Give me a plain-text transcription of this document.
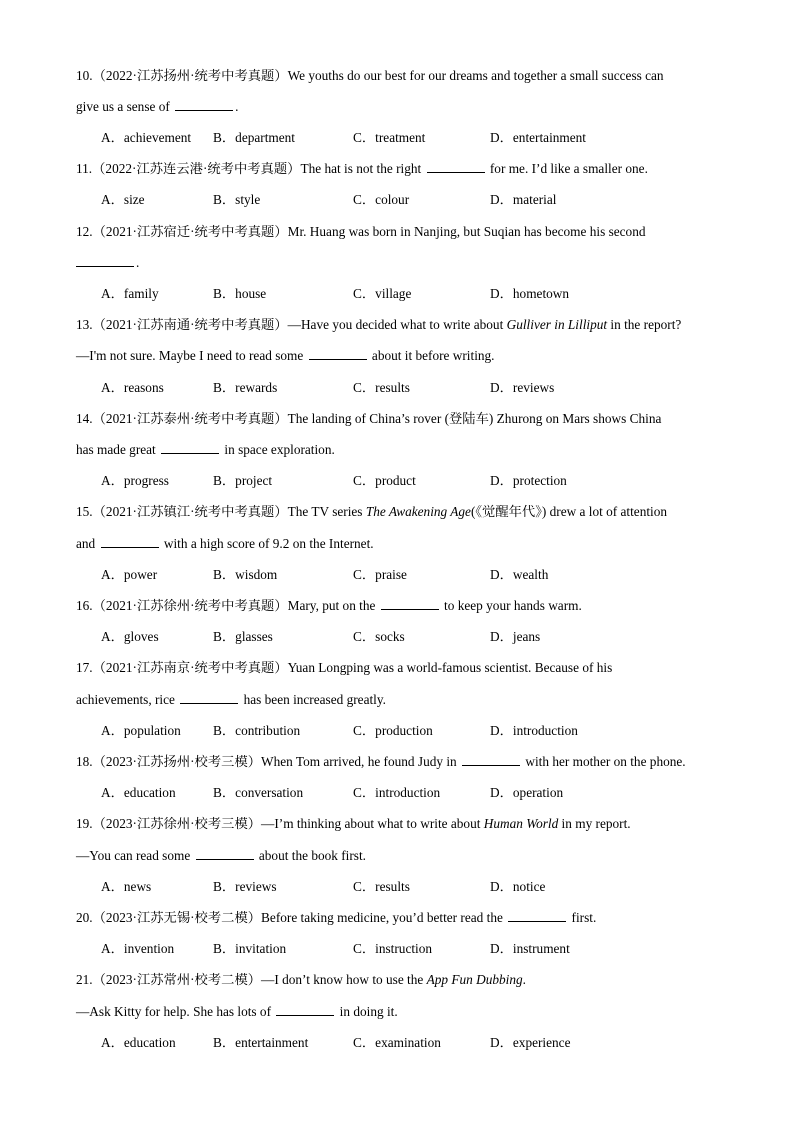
10.（2022·江苏扬州·统考中考真题）We youths do our best for our dreams and together a small success can
give us a sense of	.
A．achievement B．department	C．treatment	D．entertainment
11.（2022·江苏连云港·统考中考真题）The hat is not the right	for me. I’d like a smaller one.
A．size	B．style	C．colour	D．material
12.（2021·江苏宿迁·统考中考真题）Mr. Huang was born in Nanjing, but Suqian has become his second
.
A．family	B．house	C．village	D．hometown
13.（2021·江苏南通·统考中考真题）—Have you decided what to write about Gulliver in Lilliput in the report?
—I'm not sure. Maybe I need to read some	about it before writing.
A．reasons	B．rewards	C．results	D．reviews
14.（2021·江苏泰州·统考中考真题）The landing of China’s rover (登陆车) Zhurong on Mars shows China
has made great	in space exploration.
A．progress	B．project	C．product	D．protection
15.（2021·江苏镇江·统考中考真题）The TV series The Awakening Age(《觉醒年代》) drew a lot of attention
and	with a high score of 9.2 on the Internet.
A．power	B．wisdom	C．praise	D．wealth
16.（2021·江苏徐州·统考中考真题）Mary, put on the	to keep your hands warm.
A．gloves	B．glasses	C．socks	D．jeans
17.（2021·江苏南京·统考中考真题）Yuan Longping was a world-famous scientist. Because of his
achievements, rice	has been increased greatly.
A．population B．contribution	C．production	D．introduction
18.（2023·江苏扬州·校考三模）When Tom arrived, he found Judy in	with her mother on the phone.
A．education	B．conversation	C．introduction	D．operation
19.（2023·江苏徐州·校考三模）—I’m thinking about what to write about Human World in my report.
—You can read some	about the book first.
A．news	B．reviews	C．results	D．notice
20.（2023·江苏无锡·校考二模）Before taking medicine, you’d better read the	first.
A．invention	B．invitation	C．instruction	D．instrument
21.（2023·江苏常州·校考二模）—I don’t know how to use the App Fun Dubbing.
—Ask Kitty for help. She has lots of	in doing it.
A．education	B．entertainment	C．examination	D．experience
